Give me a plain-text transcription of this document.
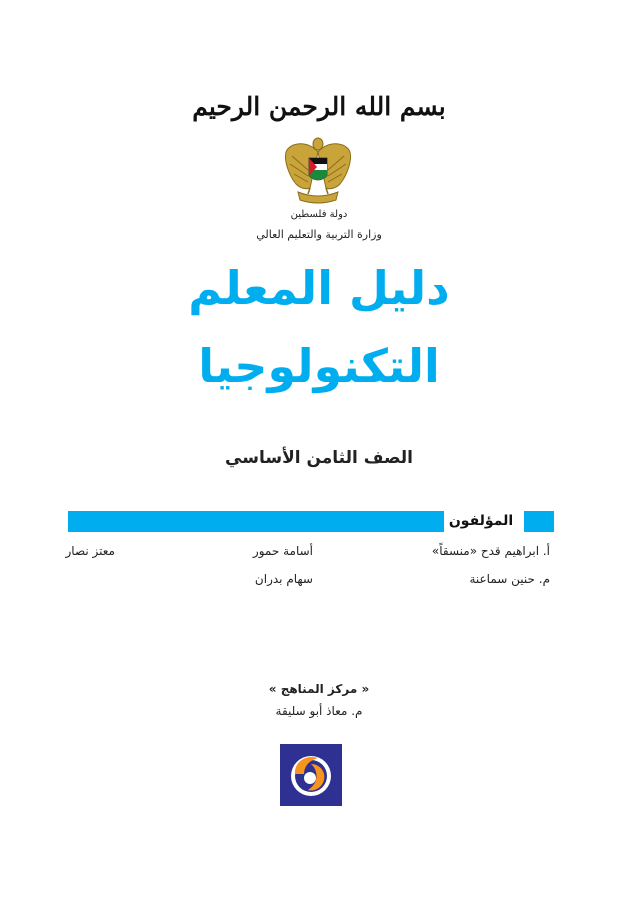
بسم الله الرحمن الرحيم
دولة فلسطين
وزارة التربية والتعليم العالي
دليل المعلم
التكنولوجيا
الصف الثامن الأساسي
المؤلفون
أ. ابراهيم قدح «منسقاً»
أسامة حمور
معتز نصار
م. حنين سماعنة
سهام بدران
« مركز المناهج »
م. معاذ أبو سليقة
